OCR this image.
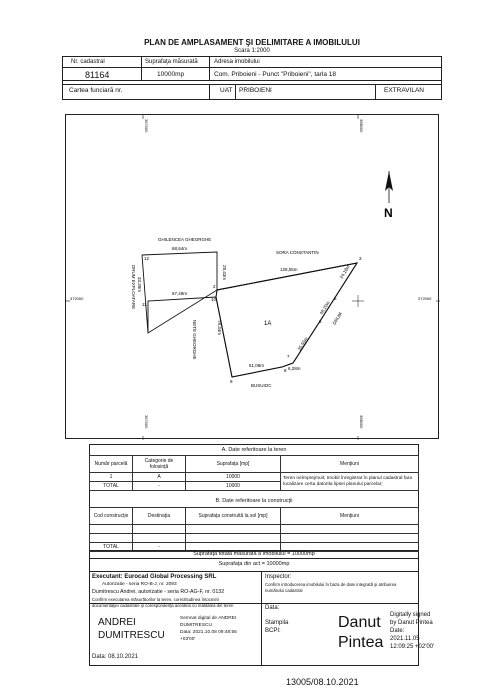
PLAN DE AMPLASAMENT ŞI DELIMITARE A IMOBILULUI
Scara 1:2000
Nr. cadastral	Suprafaţa măsurată	Adresa imobilului
81164	10000mp	Com. Priboieni - Punct "Priboieni", tarla 18
Cartea funciară nr.	UAT PRIBOIENI	EXTRAVILAN
367000	368000
367000	368000
372000	372000
N
2
3
5
6
7
8
9
10
11
12
68,64m
28,43m	128,55m	24,18m
48,20m
35,55m
6,28m
51,08m
78,34m
67,49m
33,39m
GHILENCEA GHEORGHE
SORA CONSTANTIN
DRUM EXPLOATARE
NETE GHEORGHE
BUSUIOC
DRUM
1A
A. Date referitoare la teren
Număr parcelă	Categorie de folosinţă	Suprafaţa [mp]	Menţiuni
1	A	10000	Teren neîmprejmuit; Imobil înregistrat în planul cadastral fara localizare certa datorita lipsei planului parcelar;
TOTAL	-	10000	
B. Date referitoare la construcţii
Cod construcţie	Destinaţia	Suprafaţa construită la sol [mp]	Menţiuni

TOTAL	-		
Suprafaţa totală măsurată a imobilului = 10000mp
Suprafaţa din act = 10000mp
Executant: Eurocad Global Processing SRL
Autorizatie - seria RO-B-J, nr. 2093
Dumitrescu Andrei, autorizatie - seria RO-AG-F, nr. 0132
Confirm executarea măsurătorilor la teren, corectitudinea întocmirii
documentaţiei cadastrale şi corespondenţa acesteia cu realitatea din teren
ANDREI
DUMITRESCU
Semnat digital de ANDREI
DUMITRESCU
Data: 2021.10.08 09:48:55
+03'00'
Data: 08.10.2021
Inspector:
Confirm introducerea imobilului în baza de date integrată şi atribuirea
numărului cadastral
Data:
Stampila
BCPI:	Danut
Pintea
Digitally signed
by Danut Pintea
Date:
2021.11.05
12:09:25 +02'00'
13005/08.10.2021
